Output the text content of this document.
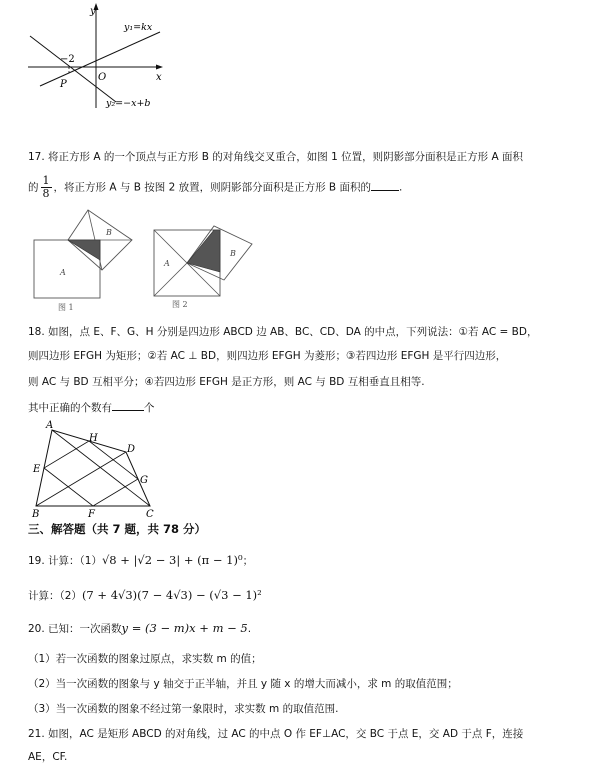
y
x
O
−2
P
y₁=kx
y₂=−x+b
17. 将正方形 A 的一个顶点与正方形 B 的对角线交叉重合，如图 1 位置，则阴影部分面积是正方形 A 面积
的 $\frac{1}{8}$ ，将正方形 A 与 B 按图 2 放置，则阴影部分面积是正方形 B 面积的	.
A
B
图 1
A
B
图 2
18. 如图，点 E、F、G、H 分别是四边形 ABCD 边 AB、BC、CD、DA 的中点，下列说法：①若 AC = BD，
则四边形 EFGH 为矩形；②若 AC ⊥ BD，则四边形 EFGH 为菱形；③若四边形 EFGH 是平行四边形，
则 AC 与 BD 互相平分；④若四边形 EFGH 是正方形，则 AC 与 BD 互相垂直且相等.
其中正确的个数有	个
A
B	C
D
E
F
G
H
三、解答题（共 7 题，共 78 分）
19. 计算：（1）√8 + |√2 − 3| + (π − 1)⁰；
计算：（2）(7 + 4√3)(7 − 4√3) − (√3 − 1)²
20. 已知：一次函数y = (3 − m)x + m − 5.
（1）若一次函数的图象过原点，求实数 m 的值；
（2）当一次函数的图象与 y 轴交于正半轴，并且 y 随 x 的增大而减小，求 m 的取值范围；
（3）当一次函数的图象不经过第一象限时，求实数 m 的取值范围.
21. 如图，AC 是矩形 ABCD 的对角线，过 AC 的中点 O 作 EF⊥AC，交 BC 于点 E，交 AD 于点 F，连接
AE，CF.
